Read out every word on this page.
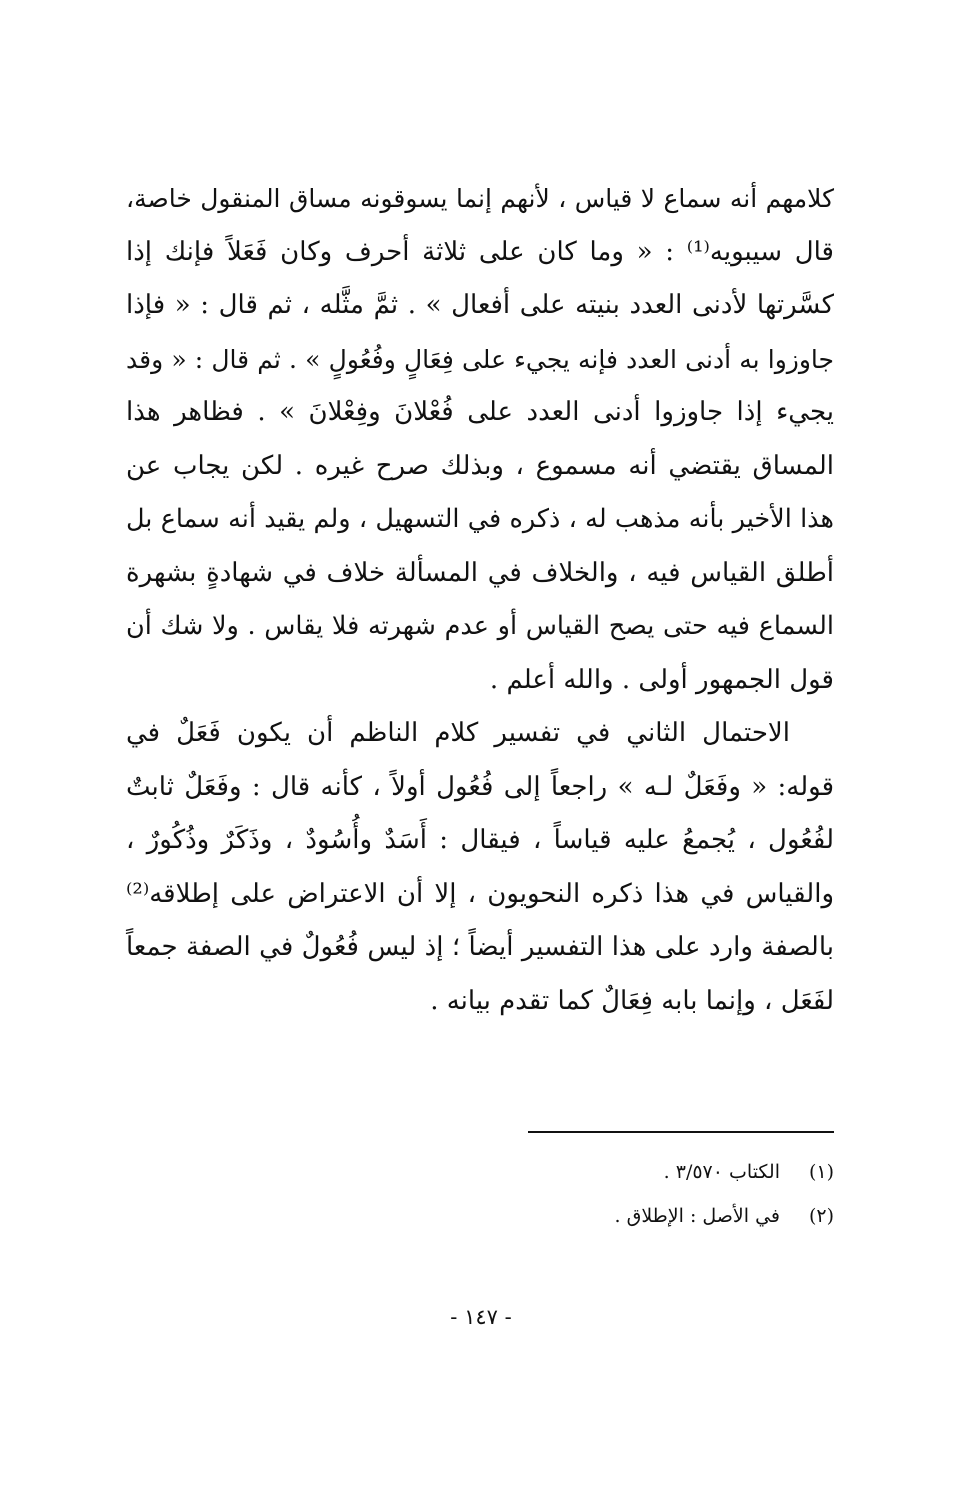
كلامهم أنه سماع لا قياس ، لأنهم إنما يسوقونه مساق المنقول خاصة،
قال سيبويه⁽¹⁾ : « وما كان على ثلاثة أحرف وكان فَعَلاً فإنك إذا
كسَّرتها لأدنى العدد بنيته على أفعال » . ثمَّ مثَّله ، ثم قال : « فإذا
جاوزوا به أدنى العدد فإنه يجيء على فِعَالٍ وفُعُولٍ » . ثم قال : « وقد
يجيء إذا جاوزوا أدنى العدد على فُعْلانَ وفِعْلانَ » . فظاهر هذا
المساق يقتضي أنه مسموع ، وبذلك صرح غيره . لكن يجاب عن
هذا الأخير بأنه مذهب له ، ذكره في التسهيل ، ولم يقيد أنه سماع بل
أطلق القياس فيه ، والخلاف في المسألة خلاف في شهادةٍ بشهرة
السماع فيه حتى يصح القياس أو عدم شهرته فلا يقاس . ولا شك أن
قول الجمهور أولى . والله أعلم .
الاحتمال الثاني في تفسير كلام الناظم أن يكون فَعَلٌ في
قوله: « وفَعَلٌ لـه » راجعاً إلى فُعُول أولاً ، كأنه قال : وفَعَلٌ ثابتٌ
لفُعُول ، يُجمعُ عليه قياساً ، فيقال : أَسَدٌ وأُسُودٌ ، وذَكَرٌ وذُكُورٌ ،
والقياس في هذا ذكره النحويون ، إلا أن الاعتراض على إطلاقه⁽²⁾
بالصفة وارد على هذا التفسير أيضاً ؛ إذ ليس فُعُولٌ في الصفة جمعاً
لفَعَل ، وإنما بابه فِعَالٌ كما تقدم بيانه .
(١)
الكتاب ٣/٥٧٠ .
(٢)
في الأصل : الإطلاق .
- ١٤٧ -
